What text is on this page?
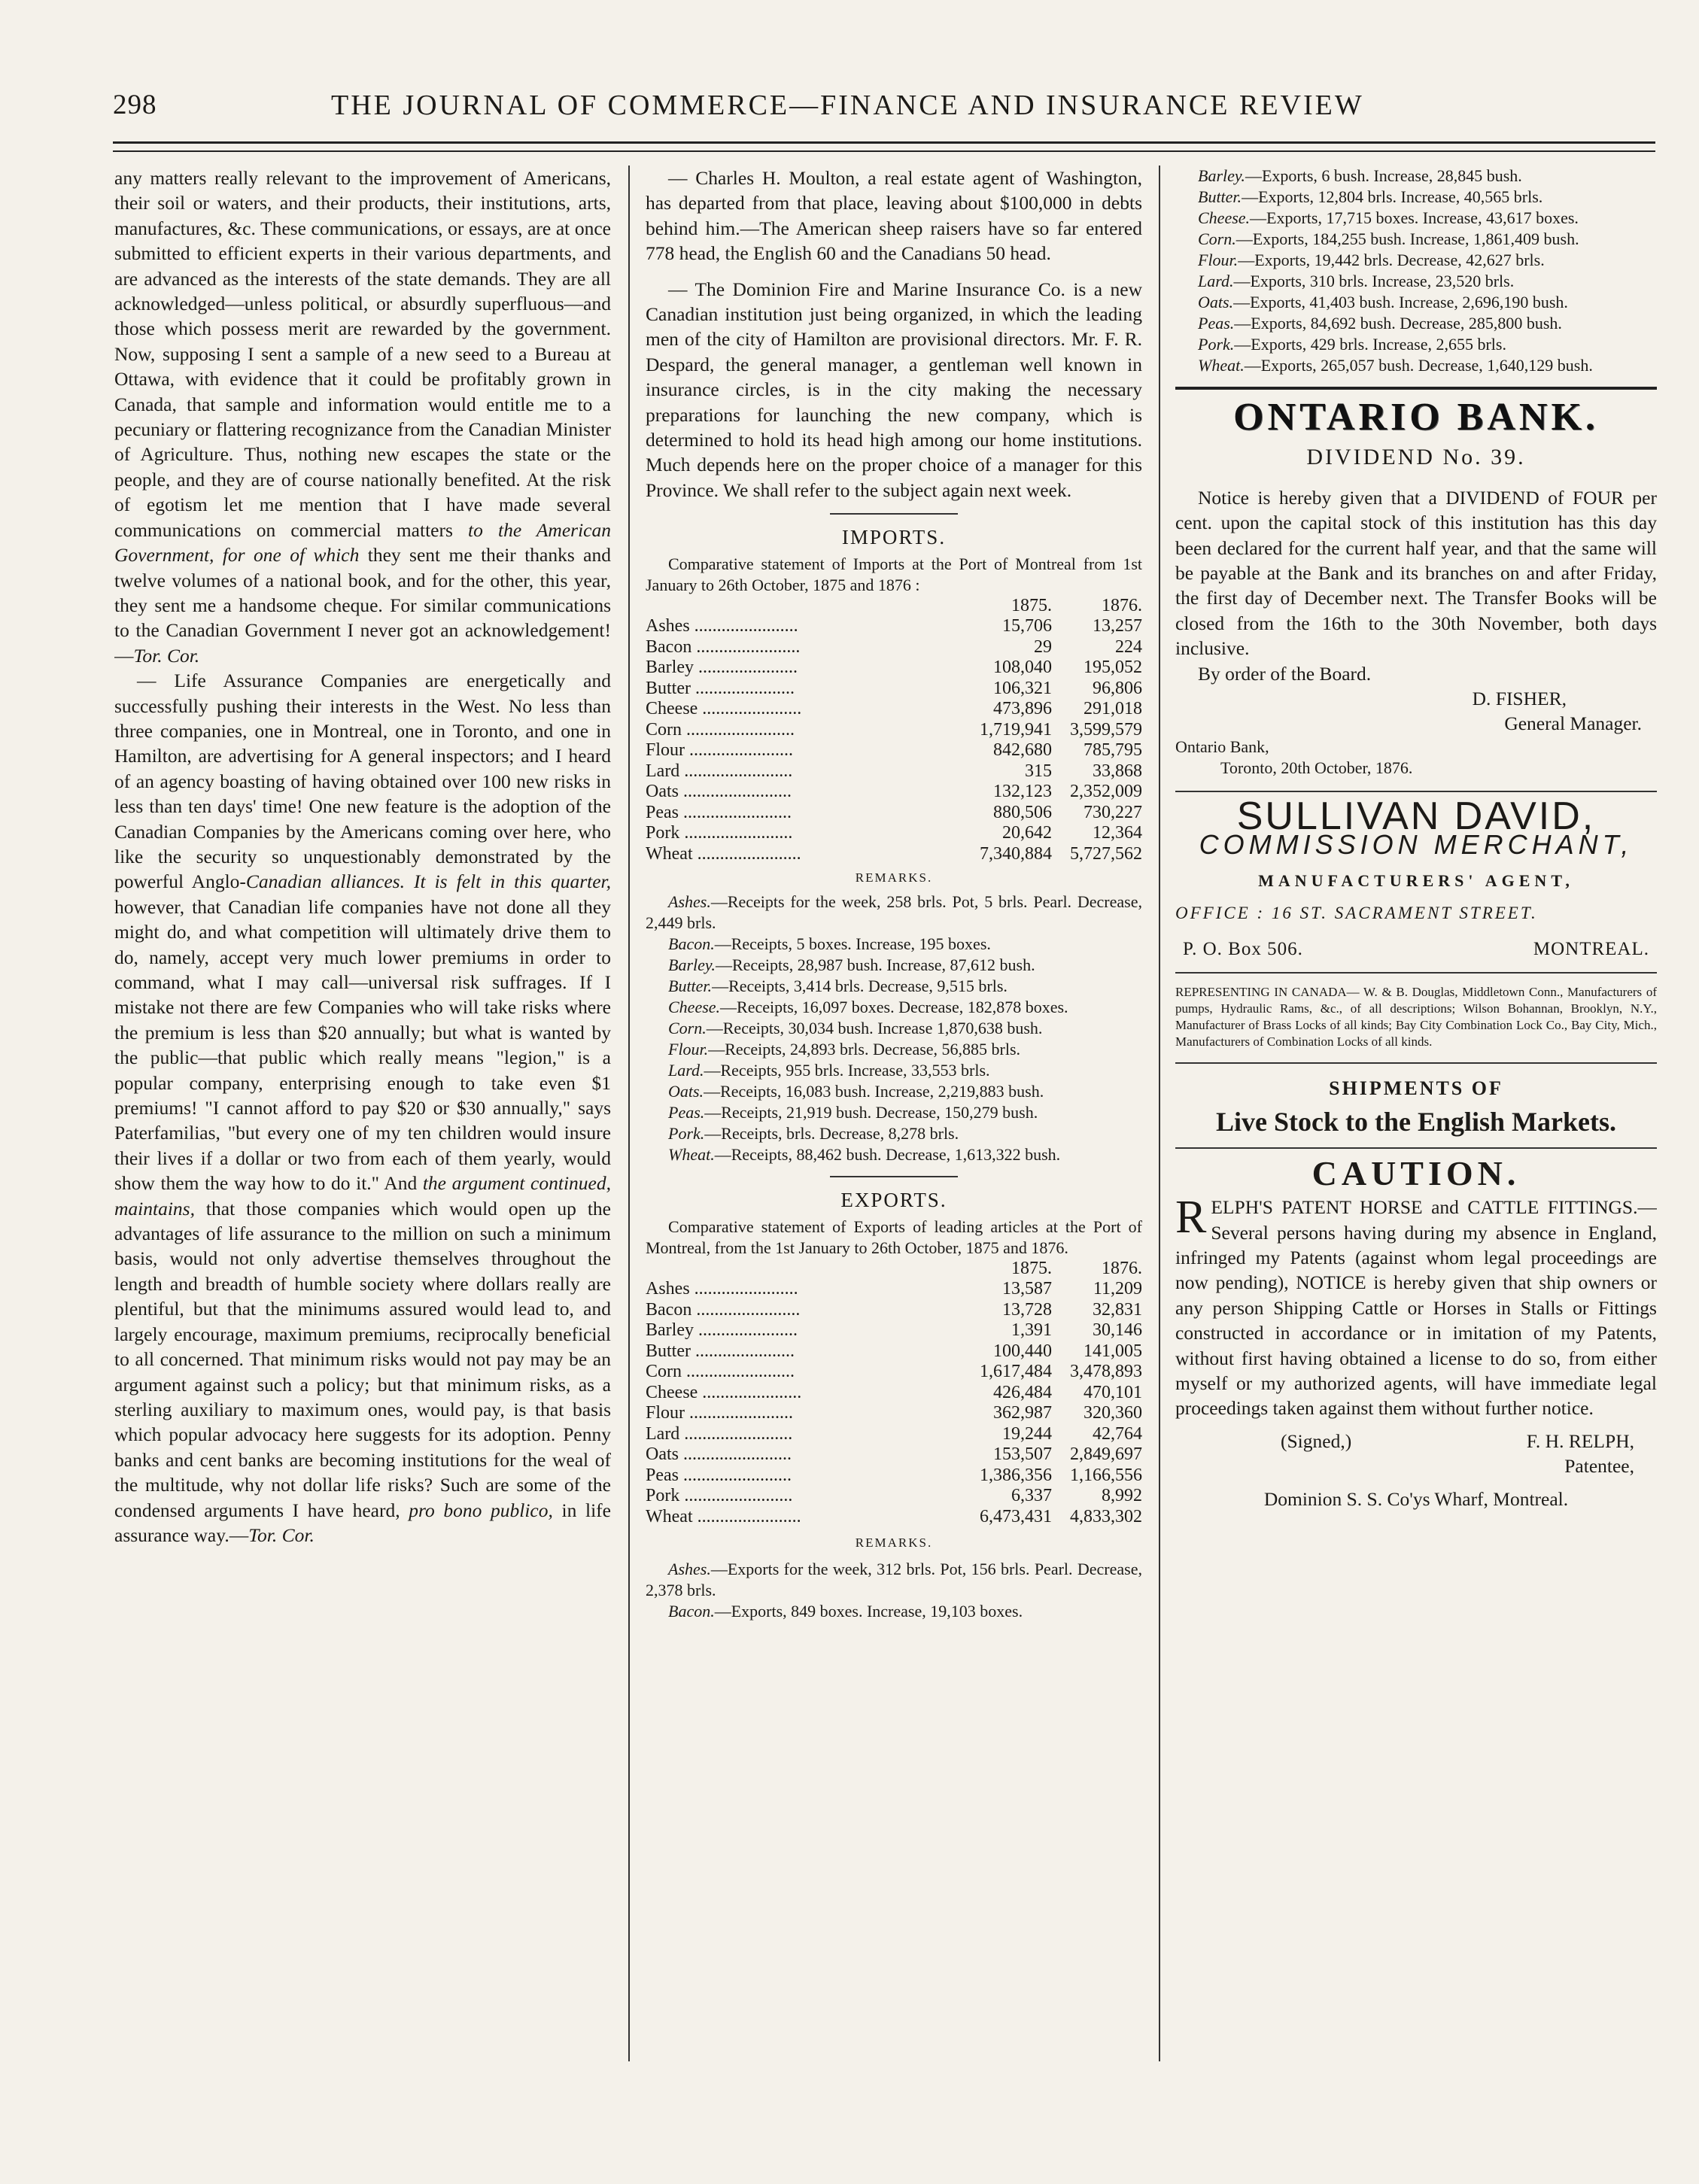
298	THE JOURNAL OF COMMERCE—FINANCE AND INSURANCE REVIEW

any matters really relevant to the improvement of Americans, their soil or waters, and their products, their institutions, arts, manufactures, &c. These communications, or essays, are at once submitted to efficient experts in their various departments, and are advanced as the interests of the state demands. They are all acknowledged—unless political, or absurdly superfluous—and those which possess merit are rewarded by the government. Now, supposing I sent a sample of a new seed to a Bureau at Ottawa, with evidence that it could be profitably grown in Canada, that sample and information would entitle me to a pecuniary or flattering recognizance from the Canadian Minister of Agriculture. Thus, nothing new escapes the state or the people, and they are of course nationally benefited. At the risk of egotism let me mention that I have made several communications on commercial matters to the American Government, for one of which they sent me their thanks and twelve volumes of a national book, and for the other, this year, they sent me a handsome cheque. For similar communications to the Canadian Government I never got an acknowledgement!—Tor. Cor.

— Life Assurance Companies are energetically and successfully pushing their interests in the West. No less than three companies, one in Montreal, one in Toronto, and one in Hamilton, are advertising for A general inspectors; and I heard of an agency boasting of having obtained over 100 new risks in less than ten days' time! One new feature is the adoption of the Canadian Companies by the Americans coming over here, who like the security so unquestionably demonstrated by the powerful Anglo-Canadian alliances. It is felt in this quarter, however, that Canadian life companies have not done all they might do, and what competition will ultimately drive them to do, namely, accept very much lower premiums in order to command, what I may call—universal risk suffrages. If I mistake not there are few Companies who will take risks where the premium is less than $20 annually; but what is wanted by the public—that public which really means "legion," is a popular company, enterprising enough to take even $1 premiums! "I cannot afford to pay $20 or $30 annually," says Paterfamilias, "but every one of my ten children would insure their lives if a dollar or two from each of them yearly, would show them the way how to do it." And the argument continued, maintains, that those companies which would open up the advantages of life assurance to the million on such a minimum basis, would not only advertise themselves throughout the length and breadth of humble society where dollars really are plentiful, but that the minimums assured would lead to, and largely encourage, maximum premiums, reciprocally beneficial to all concerned. That minimum risks would not pay may be an argument against such a policy; but that minimum risks, as a sterling auxiliary to maximum ones, would pay, is that basis which popular advocacy here suggests for its adoption. Penny banks and cent banks are becoming institutions for the weal of the multitude, why not dollar life risks? Such are some of the condensed arguments I have heard, pro bono publico, in life assurance way.—Tor. Cor.

— Charles H. Moulton, a real estate agent of Washington, has departed from that place, leaving about $100,000 in debts behind him.—The American sheep raisers have so far entered 778 head, the English 60 and the Canadians 50 head.

— The Dominion Fire and Marine Insurance Co. is a new Canadian institution just being organized, in which the leading men of the city of Hamilton are provisional directors. Mr. F. R. Despard, the general manager, a gentleman well known in insurance circles, is in the city making the necessary preparations for launching the new company, which is determined to hold its head high among our home institutions. Much depends here on the proper choice of a manager for this Province. We shall refer to the subject again next week.

IMPORTS.

Comparative statement of Imports at the Port of Montreal from 1st January to 26th October, 1875 and 1876 :

	1875.	1876.
Ashes .......................	15,706	13,257
Bacon .......................	29	224
Barley ......................	108,040	195,052
Butter ......................	106,321	96,806
Cheese ......................	473,896	291,018
Corn ........................	1,719,941	3,599,579
Flour .......................	842,680	785,795
Lard ........................	315	33,868
Oats ........................	132,123	2,352,009
Peas ........................	880,506	730,227
Pork ........................	20,642	12,364
Wheat .......................	7,340,884	5,727,562
REMARKS.

Ashes.—Receipts for the week, 258 brls. Pot, 5 brls. Pearl. Decrease, 2,449 brls.

Bacon.—Receipts, 5 boxes. Increase, 195 boxes.

Barley.—Receipts, 28,987 bush. Increase, 87,612 bush.

Butter.—Receipts, 3,414 brls. Decrease, 9,515 brls.

Cheese.—Receipts, 16,097 boxes. Decrease, 182,878 boxes.

Corn.—Receipts, 30,034 bush. Increase 1,870,638 bush.

Flour.—Receipts, 24,893 brls. Decrease, 56,885 brls.

Lard.—Receipts, 955 brls. Increase, 33,553 brls.

Oats.—Receipts, 16,083 bush. Increase, 2,219,883 bush.

Peas.—Receipts, 21,919 bush. Decrease, 150,279 bush.

Pork.—Receipts, brls. Decrease, 8,278 brls.

Wheat.—Receipts, 88,462 bush. Decrease, 1,613,322 bush.

EXPORTS.

Comparative statement of Exports of leading articles at the Port of Montreal, from the 1st January to 26th October, 1875 and 1876.

	1875.	1876.
Ashes .......................	13,587	11,209
Bacon .......................	13,728	32,831
Barley ......................	1,391	30,146
Butter ......................	100,440	141,005
Corn ........................	1,617,484	3,478,893
Cheese ......................	426,484	470,101
Flour .......................	362,987	320,360
Lard ........................	19,244	42,764
Oats ........................	153,507	2,849,697
Peas ........................	1,386,356	1,166,556
Pork ........................	6,337	8,992
Wheat .......................	6,473,431	4,833,302
REMARKS.

Ashes.—Exports for the week, 312 brls. Pot, 156 brls. Pearl. Decrease, 2,378 brls.

Bacon.—Exports, 849 boxes. Increase, 19,103 boxes.

Barley.—Exports, 6 bush. Increase, 28,845 bush.

Butter.—Exports, 12,804 brls. Increase, 40,565 brls.

Cheese.—Exports, 17,715 boxes. Increase, 43,617 boxes.

Corn.—Exports, 184,255 bush. Increase, 1,861,409 bush.

Flour.—Exports, 19,442 brls. Decrease, 42,627 brls.

Lard.—Exports, 310 brls. Increase, 23,520 brls.

Oats.—Exports, 41,403 bush. Increase, 2,696,190 bush.

Peas.—Exports, 84,692 bush. Decrease, 285,800 bush.

Pork.—Exports, 429 brls. Increase, 2,655 brls.

Wheat.—Exports, 265,057 bush. Decrease, 1,640,129 bush.

ONTARIO BANK.
DIVIDEND No. 39.

Notice is hereby given that a DIVIDEND of FOUR per cent. upon the capital stock of this institution has this day been declared for the current half year, and that the same will be payable at the Bank and its branches on and after Friday, the first day of December next. The Transfer Books will be closed from the 16th to the 30th November, both days inclusive.

By order of the Board.

D. FISHER,

General Manager.

Ontario Bank,

Toronto, 20th October, 1876.

SULLIVAN DAVID,
COMMISSION MERCHANT,
MANUFACTURERS' AGENT,
OFFICE : 16 ST. SACRAMENT STREET.
P. O. Box 506.	MONTREAL.

REPRESENTING IN CANADA— W. & B. Douglas, Middletown Conn., Manufacturers of pumps, Hydraulic Rams, &c., of all descriptions; Wilson Bohannan, Brooklyn, N.Y., Manufacturer of Brass Locks of all kinds; Bay City Combination Lock Co., Bay City, Mich., Manufacturers of Combination Locks of all kinds.

SHIPMENTS OF
Live Stock to the English Markets.
CAUTION.

RELPH'S PATENT HORSE and CATTLE FITTINGS.—Several persons having during my absence in England, infringed my Patents (against whom legal proceedings are now pending), NOTICE is hereby given that ship owners or any person Shipping Cattle or Horses in Stalls or Fittings constructed in accordance or in imitation of my Patents, without first having obtained a license to do so, from either myself or my authorized agents, will have immediate legal proceedings taken against them without further notice.

(Signed,)	F. H. RELPH,

Patentee,

Dominion S. S. Co'ys Wharf, Montreal.
